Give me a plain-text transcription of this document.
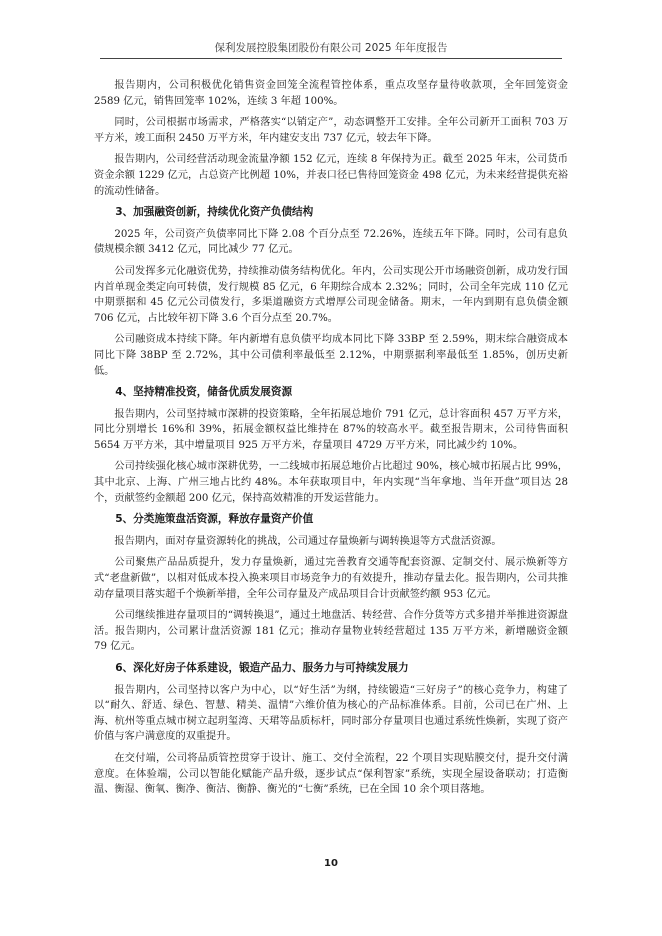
保利发展控股集团股份有限公司 2025 年年度报告

报告期内，公司积极优化销售资金回笼全流程管控体系，重点攻坚存量待收款项，全年回笼资金 2589 亿元，销售回笼率 102%，连续 3 年超 100%。

同时，公司根据市场需求，严格落实“以销定产”，动态调整开工安排。全年公司新开工面积 703 万平方米，竣工面积 2450 万平方米，年内建安支出 737 亿元，较去年下降。

报告期内，公司经营活动现金流量净额 152 亿元，连续 8 年保持为正。截至 2025 年末，公司货币资金余额 1229 亿元，占总资产比例超 10%，并表口径已售待回笼资金 498 亿元，为未来经营提供充裕的流动性储备。

3、加强融资创新，持续优化资产负债结构

2025 年，公司资产负债率同比下降 2.08 个百分点至 72.26%，连续五年下降。同时，公司有息负债规模余额 3412 亿元，同比减少 77 亿元。

公司发挥多元化融资优势，持续推动债务结构优化。年内，公司实现公开市场融资创新，成功发行国内首单现金类定向可转债，发行规模 85 亿元，6 年期综合成本 2.32%；同时，公司全年完成 110 亿元中期票据和 45 亿元公司债发行，多渠道融资方式增厚公司现金储备。期末，一年内到期有息负债金额 706 亿元，占比较年初下降 3.6 个百分点至 20.7%。

公司融资成本持续下降。年内新增有息负债平均成本同比下降 33BP 至 2.59%，期末综合融资成本同比下降 38BP 至 2.72%，其中公司债利率最低至 2.12%，中期票据利率最低至 1.85%，创历史新低。

4、坚持精准投资，储备优质发展资源

报告期内，公司坚持城市深耕的投资策略，全年拓展总地价 791 亿元，总计容面积 457 万平方米，同比分别增长 16%和 39%，拓展金额权益比维持在 87%的较高水平。截至报告期末，公司待售面积 5654 万平方米，其中增量项目 925 万平方米，存量项目 4729 万平方米，同比减少约 10%。

公司持续强化核心城市深耕优势，一二线城市拓展总地价占比超过 90%，核心城市拓展占比 99%，其中北京、上海、广州三地占比约 48%。本年获取项目中，年内实现“当年拿地、当年开盘”项目达 28 个，贡献签约金额超 200 亿元，保持高效精准的开发运营能力。

5、分类施策盘活资源，释放存量资产价值

报告期内，面对存量资源转化的挑战，公司通过存量焕新与调转换退等方式盘活资源。

公司聚焦产品品质提升，发力存量焕新，通过完善教育交通等配套资源、定制交付、展示焕新等方式“老盘新做”，以相对低成本投入换来项目市场竞争力的有效提升，推动存量去化。报告期内，公司共推动存量项目落实超千个焕新举措，全年公司存量及产成品项目合计贡献签约额 953 亿元。

公司继续推进存量项目的“调转换退”，通过土地盘活、转经营、合作分货等方式多措并举推进资源盘活。报告期内，公司累计盘活资源 181 亿元；推动存量物业转经营超过 135 万平方米，新增融资金额 79 亿元。

6、深化好房子体系建设，锻造产品力、服务力与可持续发展力

报告期内，公司坚持以客户为中心，以“好生活”为纲，持续锻造“三好房子”的核心竞争力，构建了以“耐久、舒适、绿色、智慧、精美、温情”六维价值为核心的产品标准体系。目前，公司已在广州、上海、杭州等重点城市树立起玥玺湾、天珺等品质标杆，同时部分存量项目也通过系统性焕新，实现了资产价值与客户满意度的双重提升。

在交付端，公司将品质管控贯穿于设计、施工、交付全流程，22 个项目实现贴膜交付，提升交付满意度。在体验端，公司以智能化赋能产品升级，逐步试点“保利智家”系统，实现全屋设备联动；打造衡温、衡湿、衡氧、衡净、衡洁、衡静、衡光的“七衡”系统，已在全国 10 余个项目落地。

10
